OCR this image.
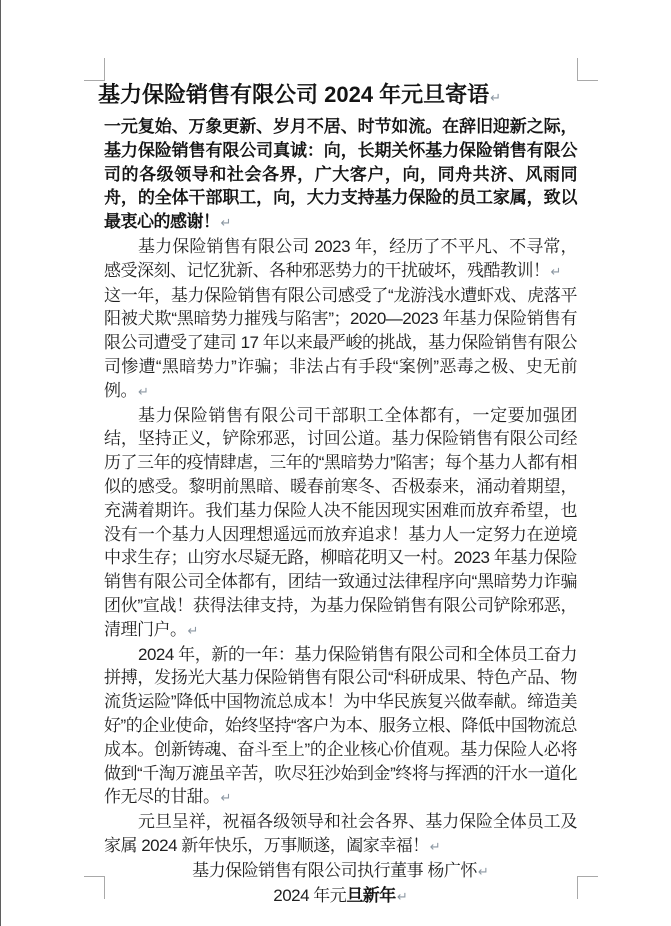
基力保险销售有限公司 2024 年元旦寄语↵

一元复始、万象更新、岁月不居、时节如流。在辞旧迎新之际，基力保险销售有限公司真诚：向，长期关怀基力保险销售有限公司的各级领导和社会各界，广大客户，向，同舟共济、风雨同舟，的全体干部职工，向，大力支持基力保险的员工家属，致以最衷心的感谢！↵

基力保险销售有限公司 2023 年，经历了不平凡、不寻常，感受深刻、记忆犹新、各种邪恶势力的干扰破坏，残酷教训！↵

这一年，基力保险销售有限公司感受了“龙游浅水遭虾戏、虎落平阳被犬欺“黑暗势力摧残与陷害”；2020—2023 年基力保险销售有限公司遭受了建司 17 年以来最严峻的挑战，基力保险销售有限公司惨遭“黑暗势力”诈骗；非法占有手段“案例”恶毒之极、史无前例。↵

基力保险销售有限公司干部职工全体都有，一定要加强团结，坚持正义，铲除邪恶，讨回公道。基力保险销售有限公司经历了三年的疫情肆虐，三年的“黑暗势力”陷害；每个基力人都有相似的感受。黎明前黑暗、暖春前寒冬、否极泰来，涌动着期望，充满着期许。我们基力保险人决不能因现实困难而放弃希望，也没有一个基力人因理想遥远而放弃追求！基力人一定努力在逆境中求生存；山穷水尽疑无路，柳暗花明又一村。2023 年基力保险销售有限公司全体都有，团结一致通过法律程序向“黑暗势力诈骗团伙”宣战！获得法律支持，为基力保险销售有限公司铲除邪恶，清理门户。↵

2024 年，新的一年：基力保险销售有限公司和全体员工奋力拼搏，发扬光大基力保险销售有限公司“科研成果、特色产品、物流货运险”降低中国物流总成本！为中华民族复兴做奉献。缔造美好”的企业使命，始终坚持“客户为本、服务立根、降低中国物流总成本。创新铸魂、奋斗至上”的企业核心价值观。基力保险人必将做到“千淘万漉虽辛苦，吹尽狂沙始到金”终将与挥洒的汗水一道化作无尽的甘甜。↵

元旦呈祥，祝福各级领导和社会各界、基力保险全体员工及家属 2024 新年快乐，万事顺遂，阖家幸福！↵

基力保险销售有限公司执行董事 杨广怀↵

2024 年元旦新年↵
